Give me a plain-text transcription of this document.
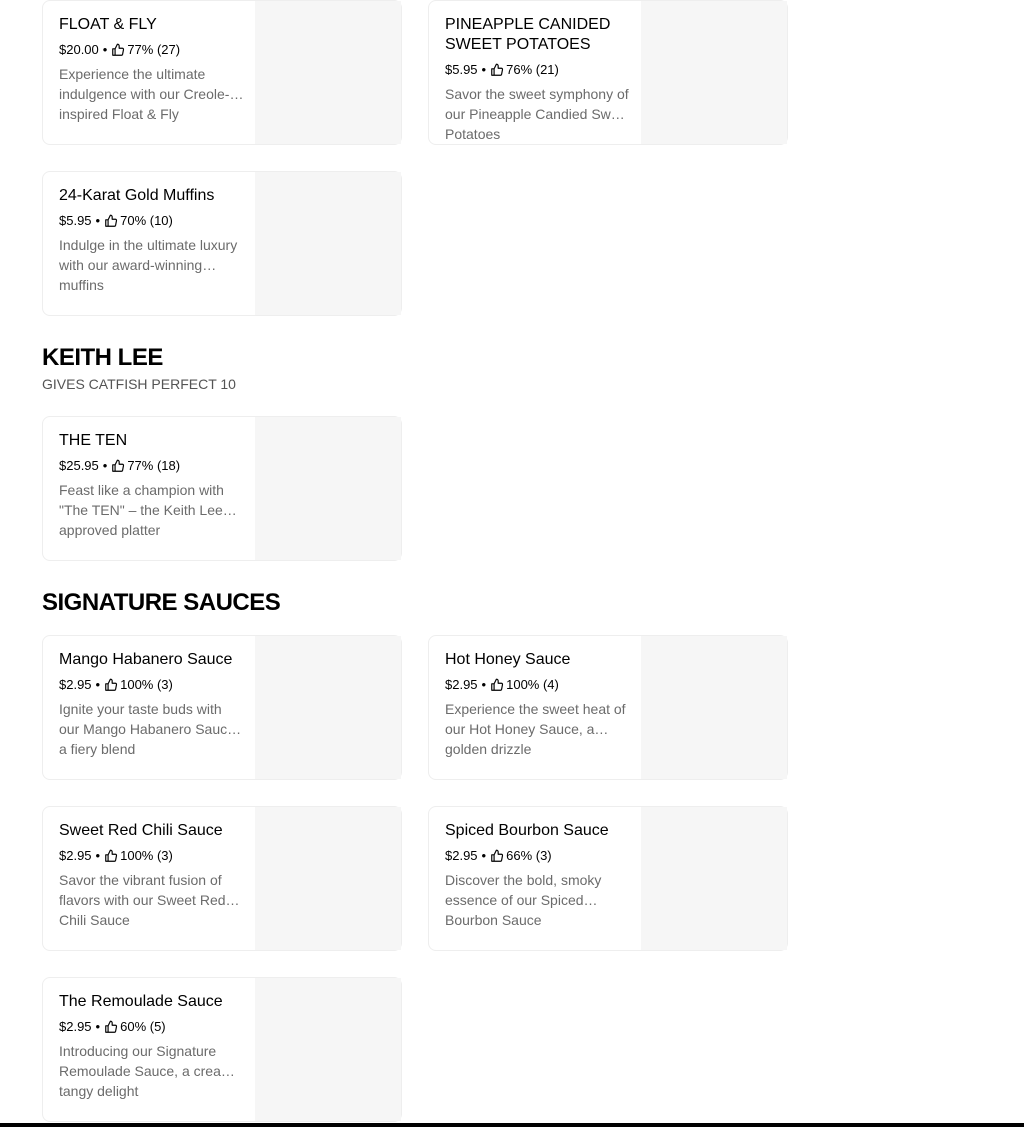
FLOAT & FLY
$20.00 • 77% (27)
Experience the ultimate indulgence with our Creole-inspired Float & Fly
PINEAPPLE CANIDED SWEET POTATOES
$5.95 • 76% (21)
Savor the sweet symphony of our Pineapple Candied Sweet Potatoes
24-Karat Gold Muffins
$5.95 • 70% (10)
Indulge in the ultimate luxury with our award-winning muffins
KEITH LEE
GIVES CATFISH PERFECT 10
THE TEN
$25.95 • 77% (18)
Feast like a champion with "The TEN" – the Keith Lee approved platter
SIGNATURE SAUCES
Mango Habanero Sauce
$2.95 • 100% (3)
Ignite your taste buds with our Mango Habanero Sauce, a fiery blend
Hot Honey Sauce
$2.95 • 100% (4)
Experience the sweet heat of our Hot Honey Sauce, a golden drizzle
Sweet Red Chili Sauce
$2.95 • 100% (3)
Savor the vibrant fusion of flavors with our Sweet Red Chili Sauce
Spiced Bourbon Sauce
$2.95 • 66% (3)
Discover the bold, smoky essence of our Spiced Bourbon Sauce
The Remoulade Sauce
$2.95 • 60% (5)
Introducing our Signature Remoulade Sauce, a creamy tangy delight
